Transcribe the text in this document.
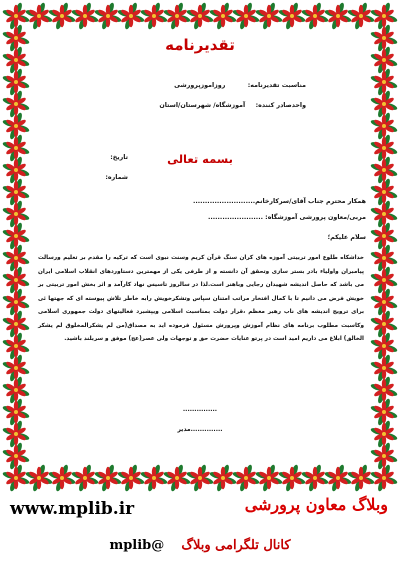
تقدیرنامه
مناسبت تقدیرنامه:  روزاموزپرورشی
واحدصادر کننده:  آموزشگاه/ شهرستان/استان
بسمه تعالی
تاریخ:
شماره:
همکار محترم جناب آقای/سرکارخانم..........................
مربی/معاون پرورشی آموزشگاه: .......................
سلام علیکم؛
خداشکاه طلوع امور تربیتی آموزه های کران سنگ قرآن کریم وسنت نبوی است که ترکیه را مقدم بر تعلیم ورسالت پیامبران واولیاء بادر بستر سازی وتحقق آن دانسته و از طرفی یکی از مهمترین دستاوردهای انقلاب اسلامی ایران می باشد که حاصل اندیشه شهیدان رجایی وباهنر است.لذا در سالروز تاسیس نهاد کارآمد و اثر بخش امور تربیتی بر خویش فرض می دانیم تا با کمال افتخار مراتب امتنان سپاس وتشکرخویش رابه خاطر تلاش پیوسته ای که جهتها ئی برای ترویج اندیشه های ناب رهبر معظم ،قرار دولت بمناسبت اسلامی ویپشبرد فعالیتهای دولت جمهوری اسلامی وکاسبت مطلوب برنامه های نظام آموزش وپرورش مسئول فرموده اید به مصداق(من لم یشکرالمخلوق لم یشکر الخالق) ابلاغ می داریم امید است در پرتو عنایات حضرت حق و توجهات ولی عصر(عج) موفق و سربلند باشید.
...............
..............مدیر
www.mplib.ir	وبلاگ معاون پرورشی
کانال تلگرامی وبلاگ  @mplib
